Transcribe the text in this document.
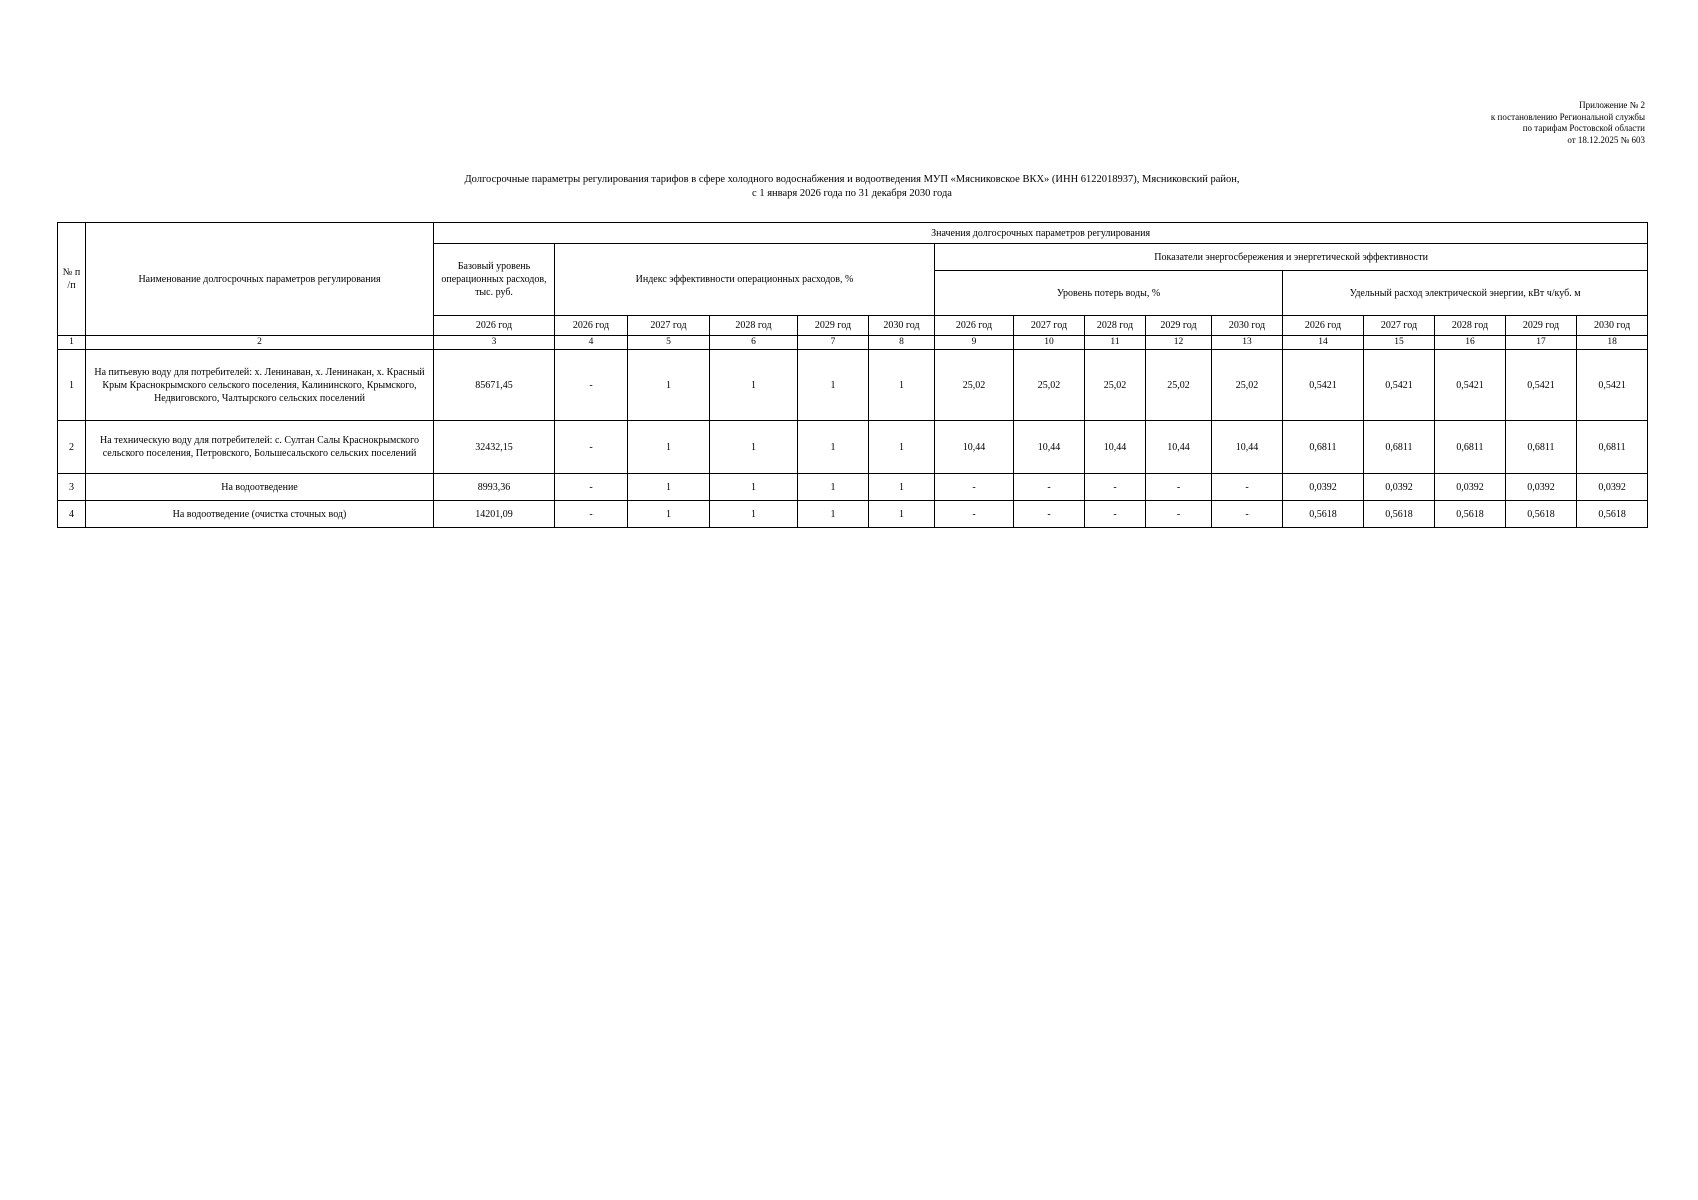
Приложение № 2
к постановлению Региональной службы
по тарифам Ростовской области
от 18.12.2025 № 603
Долгосрочные параметры регулирования тарифов в сфере холодного водоснабжения и водоотведения МУП «Мясниковское ВКХ» (ИНН 6122018937), Мясниковский район,
с 1 января 2026 года по 31 декабря 2030 года
№ п /п	Наименование долгосрочных параметров регулирования	Значения долгосрочных параметров регулирования															
		Базовый уровень операционных расходов, тыс. руб.	Индекс эффективности операционных расходов, %					Показатели энергосбережения и энергетической эффективности									
								Уровень потерь воды, %					Удельный расход электрической энергии, кВт ч/куб. м				
		2026 год	2026 год	2027 год	2028 год	2029 год	2030 год	2026 год	2027 год	2028 год	2029 год	2030 год	2026 год	2027 год	2028 год	2029 год	2030 год
1	2	3	4	5	6	7	8	9	10	11	12	13	14	15	16	17	18
1	На питьевую воду для потребителей: х. Ленинаван, х. Ленинакан, х. Красный Крым Краснокрымского сельского поселения, Калининского, Крымского, Недвиговского, Чалтырского сельских поселений	85671,45	-	1	1	1	1	25,02	25,02	25,02	25,02	25,02	0,5421	0,5421	0,5421	0,5421	0,5421
2	На техническую воду для потребителей: с. Султан Салы Краснокрымского сельского поселения, Петровского, Большесальского сельских поселений	32432,15	-	1	1	1	1	10,44	10,44	10,44	10,44	10,44	0,6811	0,6811	0,6811	0,6811	0,6811
3	На водоотведение	8993,36	-	1	1	1	1	-	-	-	-	-	0,0392	0,0392	0,0392	0,0392	0,0392
4	На водоотведение (очистка сточных вод)	14201,09	-	1	1	1	1	-	-	-	-	-	0,5618	0,5618	0,5618	0,5618	0,5618
